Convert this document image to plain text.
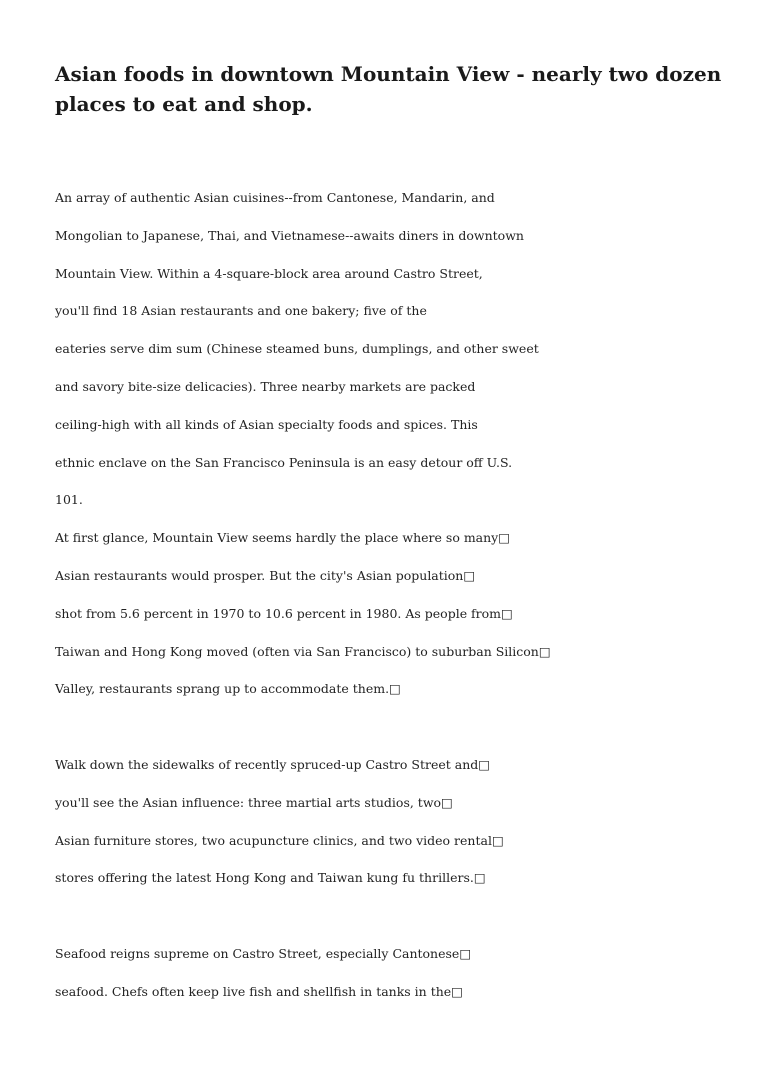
Asian foods in downtown Mountain View - nearly two dozen
places to eat and shop.
An array of authentic Asian cuisines--from Cantonese, Mandarin, and
Mongolian to Japanese, Thai, and Vietnamese--awaits diners in downtown
Mountain View. Within a 4-square-block area around Castro Street,
you'll find 18 Asian restaurants and one bakery; five of the
eateries serve dim sum (Chinese steamed buns, dumplings, and other sweet
and savory bite-size delicacies). Three nearby markets are packed
ceiling-high with all kinds of Asian specialty foods and spices. This
ethnic enclave on the San Francisco Peninsula is an easy detour off U.S.
101.
At first glance, Mountain View seems hardly the place where so many□
Asian restaurants would prosper. But the city's Asian population□
shot from 5.6 percent in 1970 to 10.6 percent in 1980. As people from□
Taiwan and Hong Kong moved (often via San Francisco) to suburban Silicon□
Valley, restaurants sprang up to accommodate them.□
Walk down the sidewalks of recently spruced-up Castro Street and□
you'll see the Asian influence: three martial arts studios, two□
Asian furniture stores, two acupuncture clinics, and two video rental□
stores offering the latest Hong Kong and Taiwan kung fu thrillers.□
Seafood reigns supreme on Castro Street, especially Cantonese□
seafood. Chefs often keep live fish and shellfish in tanks in the□
